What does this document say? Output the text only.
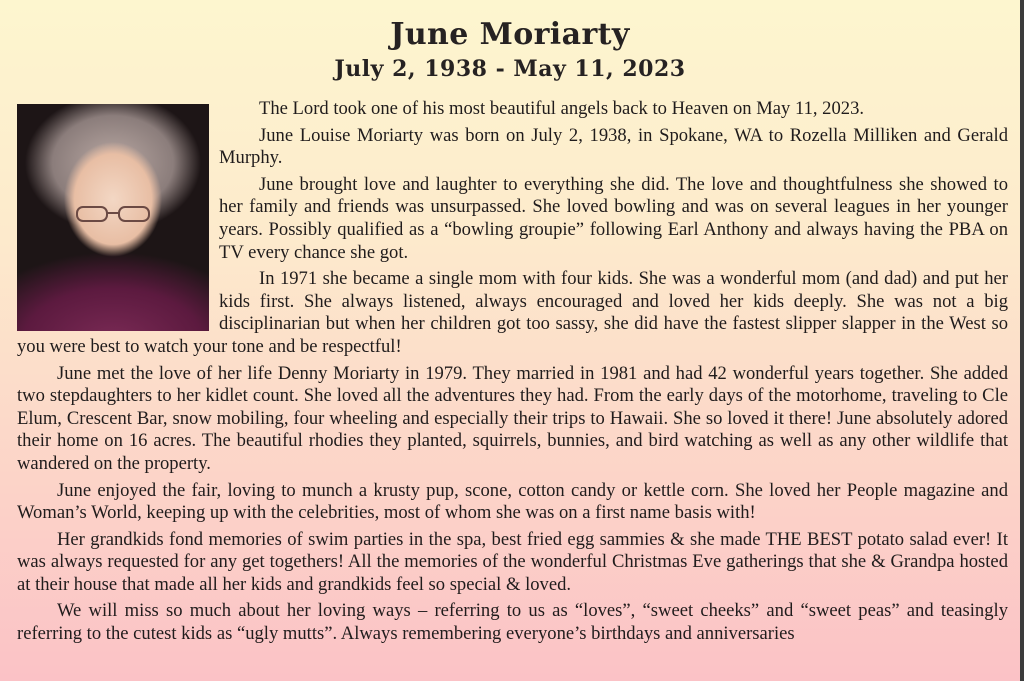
June Moriarty
July 2, 1938 - May 11, 2023

The Lord took one of his most beautiful angels back to Heaven on May 11, 2023.

June Louise Moriarty was born on July 2, 1938, in Spokane, WA to Rozella Milliken and Gerald Murphy.

June brought love and laughter to everything she did. The love and thoughtfulness she showed to her family and friends was unsurpassed. She loved bowling and was on several leagues in her younger years. Possibly qualified as a “bowling groupie” following Earl Anthony and always having the PBA on TV every chance she got.

In 1971 she became a single mom with four kids. She was a wonderful mom (and dad) and put her kids first. She always listened, always encouraged and loved her kids deeply. She was not a big disciplinarian but when her children got too sassy, she did have the fastest slipper slapper in the West so you were best to watch your tone and be respectful!

June met the love of her life Denny Moriarty in 1979. They married in 1981 and had 42 wonderful years together. She added two stepdaughters to her kidlet count. She loved all the adventures they had. From the early days of the motorhome, traveling to Cle Elum, Crescent Bar, snow mobiling, four wheeling and especially their trips to Hawaii. She so loved it there! June absolutely adored their home on 16 acres. The beautiful rhodies they planted, squirrels, bunnies, and bird watching as well as any other wildlife that wandered on the property.

June enjoyed the fair, loving to munch a krusty pup, scone, cotton candy or kettle corn. She loved her People magazine and Woman’s World, keeping up with the celebrities, most of whom she was on a first name basis with!

Her grandkids fond memories of swim parties in the spa, best fried egg sammies & she made THE BEST potato salad ever! It was always requested for any get togethers! All the memories of the wonderful Christmas Eve gatherings that she & Grandpa hosted at their house that made all her kids and grandkids feel so special & loved.

We will miss so much about her loving ways – referring to us as “loves”, “sweet cheeks” and “sweet peas” and teasingly referring to the cutest kids as “ugly mutts”. Always remembering everyone’s birthdays and anniversaries
